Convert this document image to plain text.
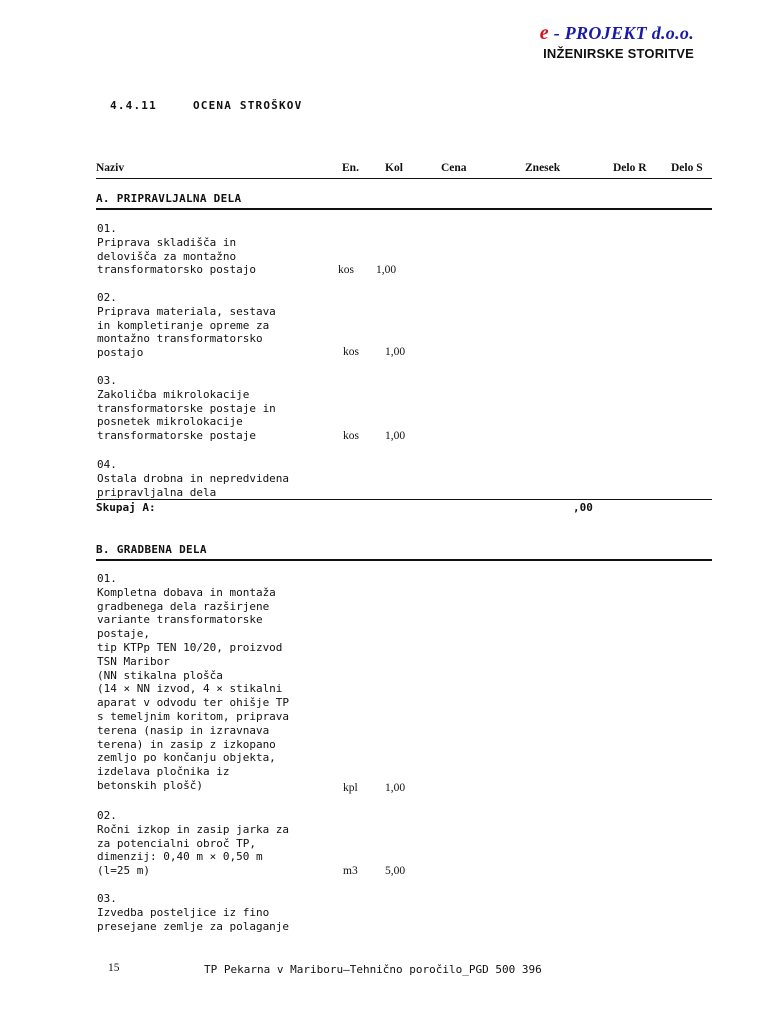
e - PROJEKT d.o.o.
INŽENIRSKE STORITVE
4.4.11	OCENA STROŠKOV
Naziv	En. Kol	Cena	Znesek	Delo R Delo S
A. PRIPRAVLJALNA DELA
01.
Priprava skladišča in
delovišča za montažno
transformatorsko postajo	kos 1,00
02.
Priprava materiala, sestava
in kompletiranje opreme za
montažno transformatorsko
postajo	kos 1,00
03.
Zakoličba mikrolokacije
transformatorske postaje in
posnetek mikrolokacije
transformatorske postaje	kos 1,00
04.
Ostala drobna in nepredvidena
pripravljalna dela
Skupaj A:	,00
B. GRADBENA DELA
01.
Kompletna dobava in montaža
gradbenega dela razširjene
variante transformatorske
postaje,
tip KTPp TEN 10/20, proizvod
TSN Maribor
(NN stikalna plošča
(14 × NN izvod, 4 × stikalni
aparat v odvodu ter ohišje TP
s temeljnim koritom, priprava
terena (nasip in izravnava
terena) in zasip z izkopano
zemljo po končanju objekta,
izdelava pločnika iz
betonskih plošč)	kpl 1,00
02.
Ročni izkop in zasip jarka za
za potencialni obroč TP,
dimenzij: 0,40 m × 0,50 m
(l=25 m)	m3 5,00
03.
Izvedba posteljice iz fino
presejane zemlje za polaganje
15	TP Pekarna v Mariboru–Tehnično poročilo_PGD 500 396
